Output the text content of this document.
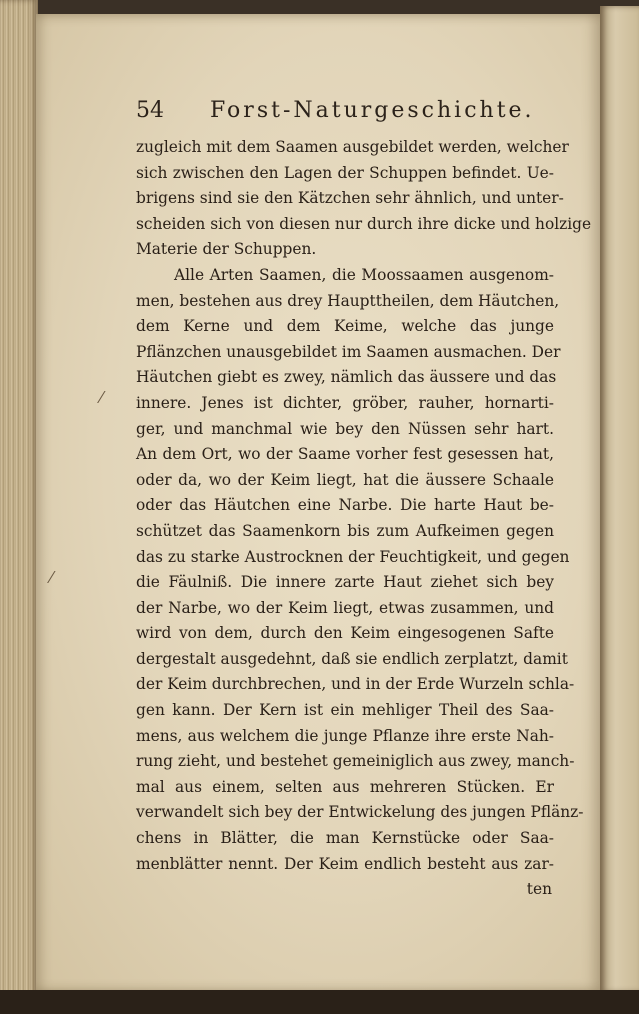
54 Forst-Naturgeschichte.
zugleich mit dem Saamen ausgebildet werden, welcher
sich zwischen den Lagen der Schuppen befindet. Ue-
brigens sind sie den Kätzchen sehr ähnlich, und unter-
scheiden sich von diesen nur durch ihre dicke und holzige
Materie der Schuppen.
Alle Arten Saamen, die Moossaamen ausgenom-
men, bestehen aus drey Haupttheilen, dem Häutchen,
dem Kerne und dem Keime, welche das junge
Pflänzchen unausgebildet im Saamen ausmachen. Der
Häutchen giebt es zwey, nämlich das äussere und das
innere. Jenes ist dichter, gröber, rauher, hornarti-
ger, und manchmal wie bey den Nüssen sehr hart.
An dem Ort, wo der Saame vorher fest gesessen hat,
oder da, wo der Keim liegt, hat die äussere Schaale
oder das Häutchen eine Narbe. Die harte Haut be-
schützet das Saamenkorn bis zum Aufkeimen gegen
das zu starke Austrocknen der Feuchtigkeit, und gegen
die Fäulniß. Die innere zarte Haut ziehet sich bey
der Narbe, wo der Keim liegt, etwas zusammen, und
wird von dem, durch den Keim eingesogenen Safte
dergestalt ausgedehnt, daß sie endlich zerplatzt, damit
der Keim durchbrechen, und in der Erde Wurzeln schla-
gen kann. Der Kern ist ein mehliger Theil des Saa-
mens, aus welchem die junge Pflanze ihre erste Nah-
rung zieht, und bestehet gemeiniglich aus zwey, manch-
mal aus einem, selten aus mehreren Stücken. Er
verwandelt sich bey der Entwickelung des jungen Pflänz-
chens in Blätter, die man Kernstücke oder Saa-
menblätter nennt. Der Keim endlich besteht aus zar-
ten
⁄
⁄
